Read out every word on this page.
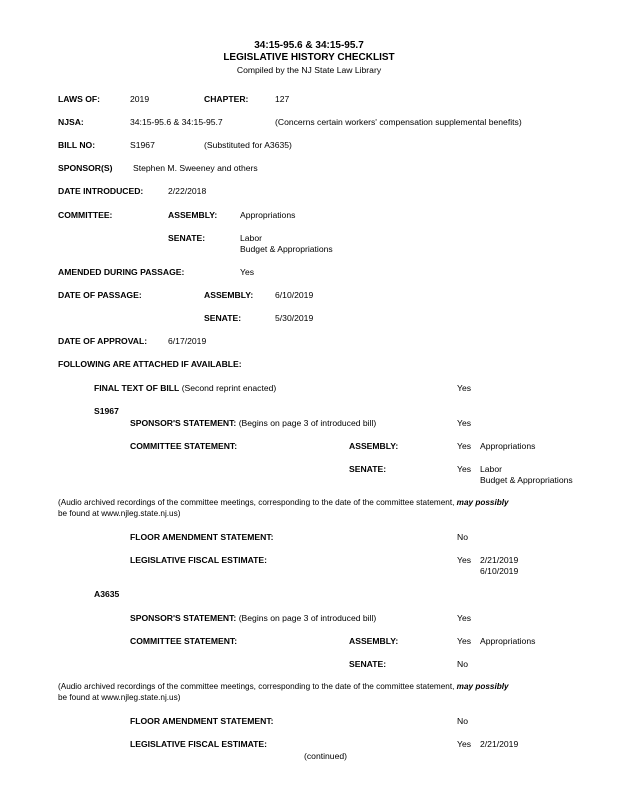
34:15-95.6 & 34:15-95.7
LEGISLATIVE HISTORY CHECKLIST
Compiled by the NJ State Law Library
LAWS OF:	2019	CHAPTER:	127
NJSA:	34:15-95.6 & 34:15-95.7	(Concerns certain workers' compensation supplemental benefits)
BILL NO:	S1967	(Substituted for A3635)
SPONSOR(S) Stephen M. Sweeney and others
DATE INTRODUCED:	2/22/2018
COMMITTEE:	ASSEMBLY:	Appropriations
SENATE:	Labor
Budget & Appropriations
AMENDED DURING PASSAGE:	Yes
DATE OF PASSAGE:	ASSEMBLY:	6/10/2019
SENATE:	5/30/2019
DATE OF APPROVAL: 6/17/2019
FOLLOWING ARE ATTACHED IF AVAILABLE:
FINAL TEXT OF BILL (Second reprint enacted)	Yes
S1967
SPONSOR'S STATEMENT: (Begins on page 3 of introduced bill)	Yes
COMMITTEE STATEMENT:	ASSEMBLY:	Yes Appropriations
SENATE:	Yes Labor
Budget & Appropriations
(Audio archived recordings of the committee meetings, corresponding to the date of the committee statement, may possibly
be found at www.njleg.state.nj.us)
FLOOR AMENDMENT STATEMENT:	No
LEGISLATIVE FISCAL ESTIMATE:	Yes 2/21/2019
6/10/2019
A3635
SPONSOR'S STATEMENT: (Begins on page 3 of introduced bill)	Yes
COMMITTEE STATEMENT:	ASSEMBLY:	Yes Appropriations
SENATE:	No
(Audio archived recordings of the committee meetings, corresponding to the date of the committee statement, may possibly
be found at www.njleg.state.nj.us)
FLOOR AMENDMENT STATEMENT:	No
LEGISLATIVE FISCAL ESTIMATE:	Yes 2/21/2019
(continued)
